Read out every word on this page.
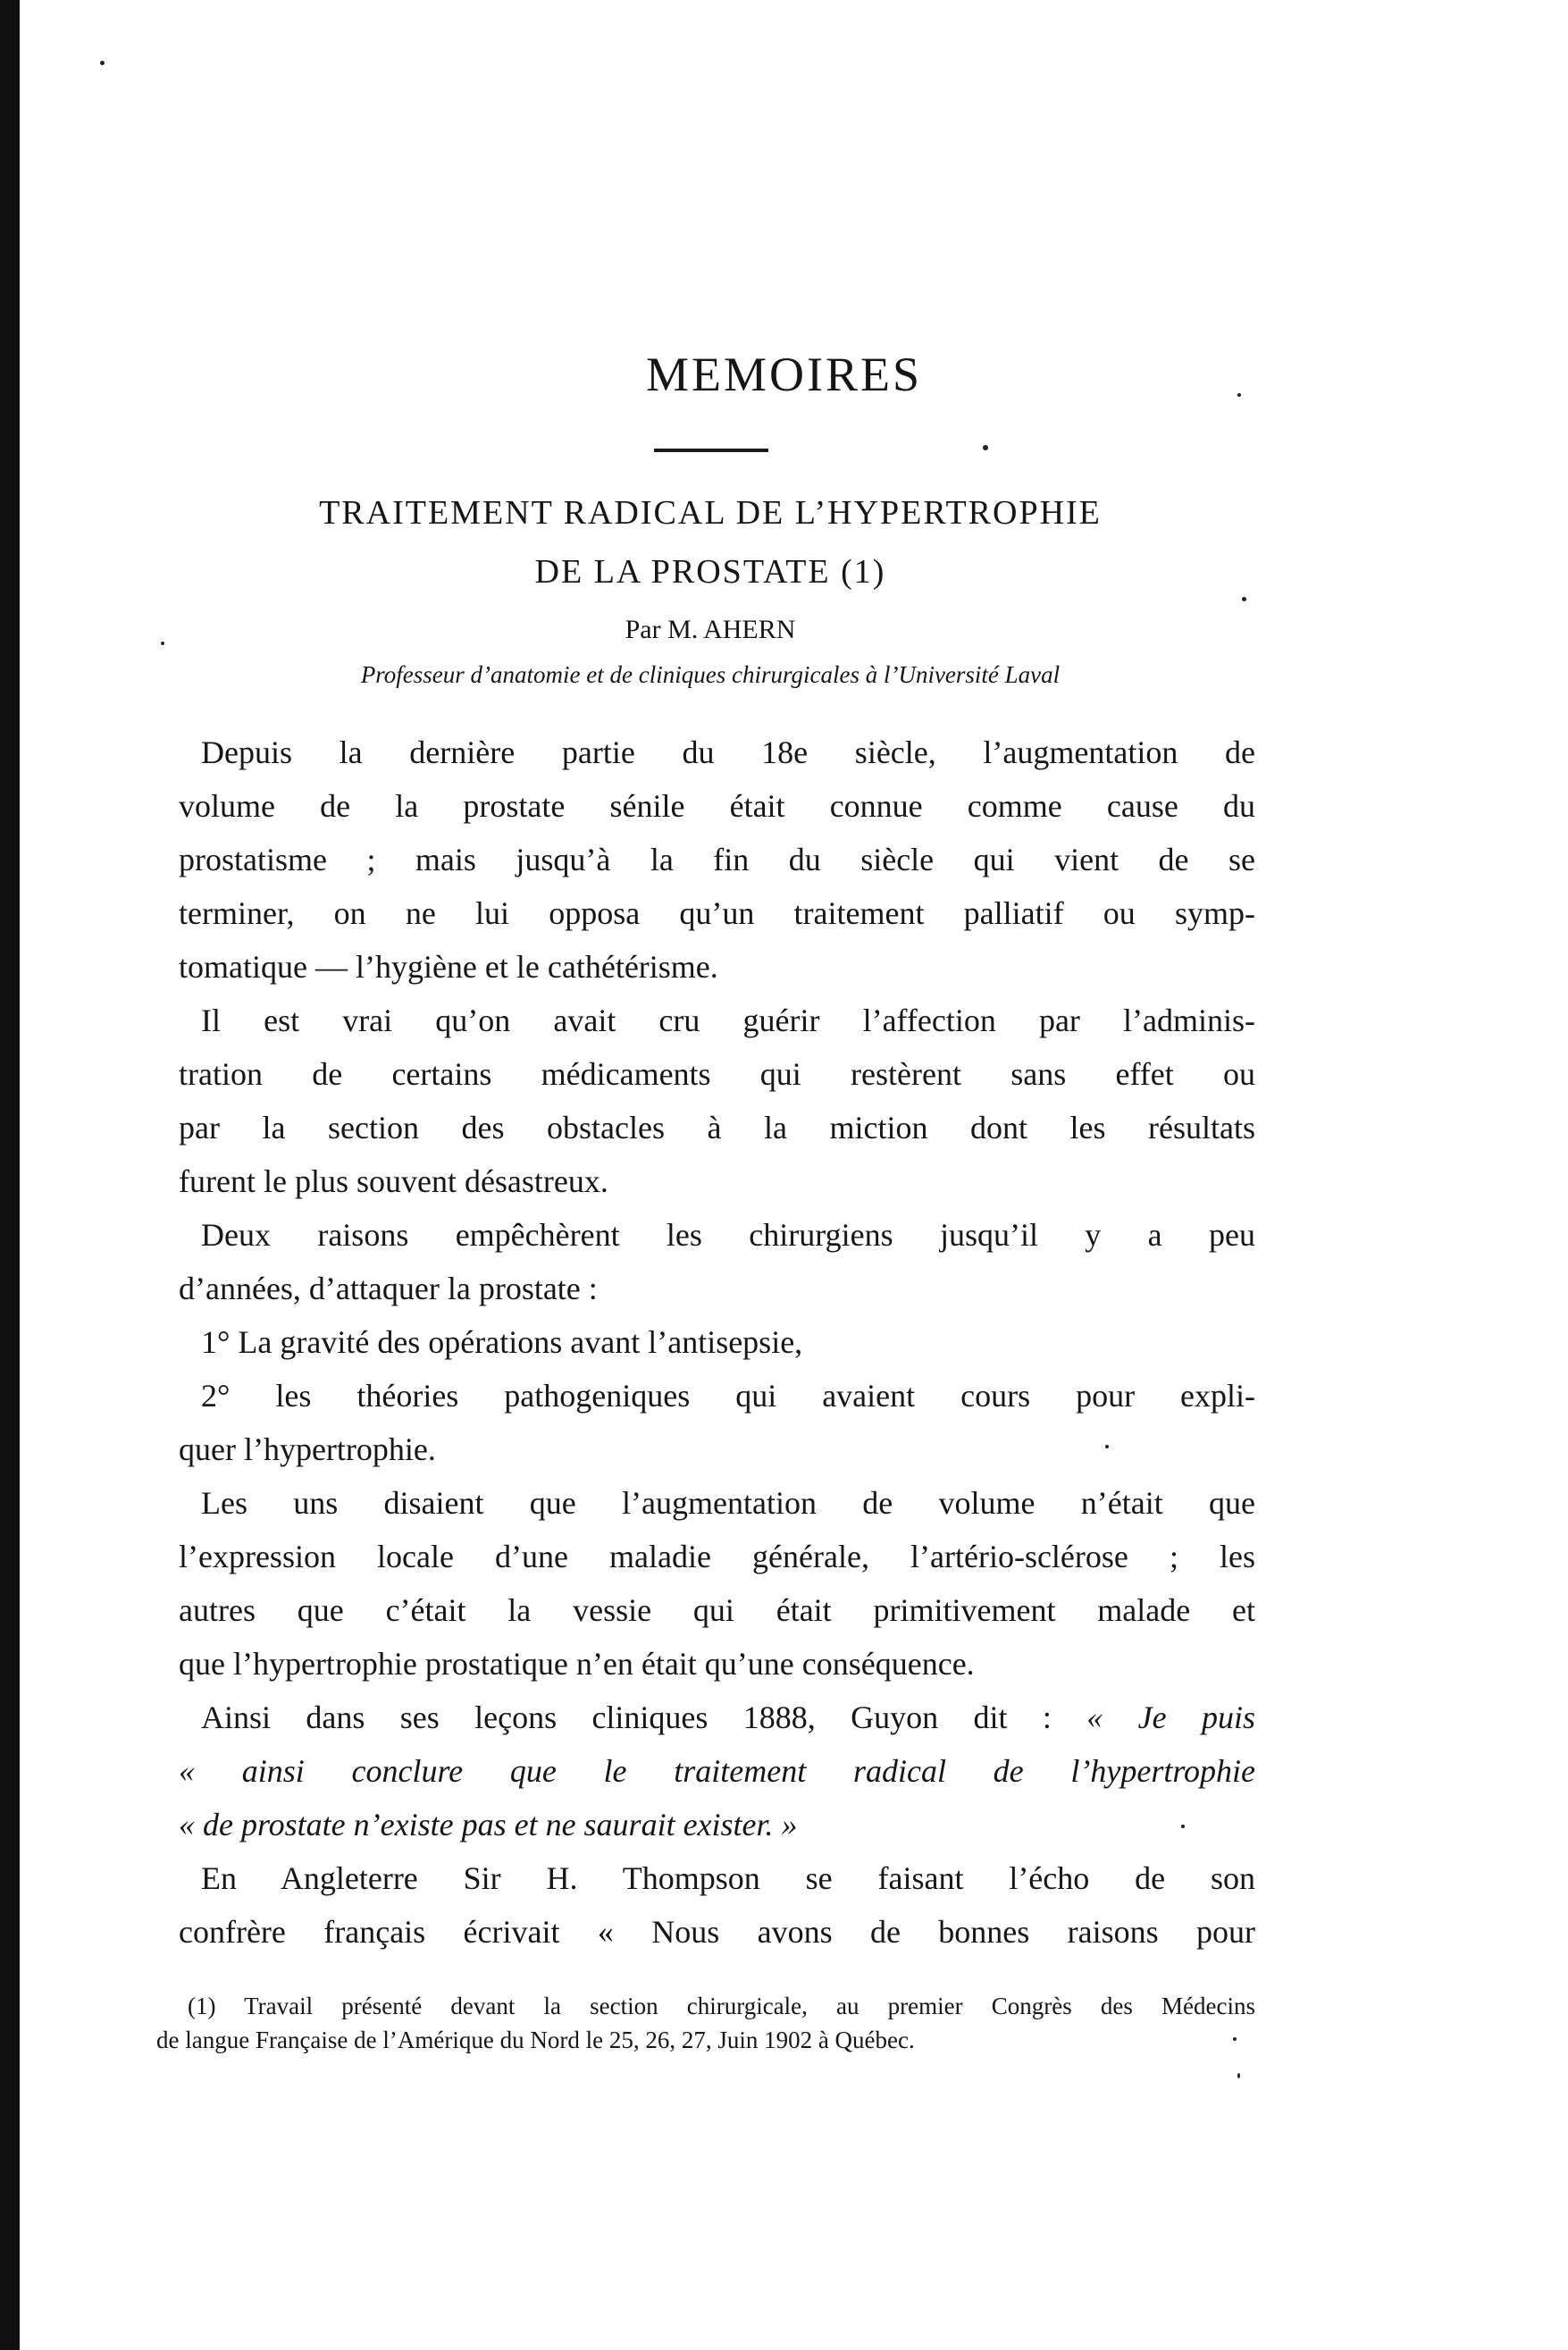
MEMOIRES
TRAITEMENT RADICAL DE L’HYPERTROPHIE
DE LA PROSTATE (1)
Par M. AHERN
Professeur d’anatomie et de cliniques chirurgicales à l’Université Laval
Depuis la dernière partie du 18e siècle, l’augmentation de
volume de la prostate sénile était connue comme cause du
prostatisme ; mais jusqu’à la fin du siècle qui vient de se
terminer, on ne lui opposa qu’un traitement palliatif ou symp-
tomatique — l’hygiène et le cathétérisme.
Il est vrai qu’on avait cru guérir l’affection par l’adminis-
tration de certains médicaments qui restèrent sans effet ou
par la section des obstacles à la miction dont les résultats
furent le plus souvent désastreux.
Deux raisons empêchèrent les chirurgiens jusqu’il y a peu
d’années, d’attaquer la prostate :
1° La gravité des opérations avant l’antisepsie,
2° les théories pathogeniques qui avaient cours pour expli-
quer l’hypertrophie.
Les uns disaient que l’augmentation de volume n’était que
l’expression locale d’une maladie générale, l’artério-sclérose ; les
autres que c’était la vessie qui était primitivement malade et
que l’hypertrophie prostatique n’en était qu’une conséquence.
Ainsi dans ses leçons cliniques 1888, Guyon dit : « Je puis
« ainsi conclure que le traitement radical de l’hypertrophie
« de prostate n’existe pas et ne saurait exister. »
En Angleterre Sir H. Thompson se faisant l’écho de son
confrère français écrivait « Nous avons de bonnes raisons pour
(1) Travail présenté devant la section chirurgicale, au premier Congrès des Médecins
de langue Française de l’Amérique du Nord le 25, 26, 27, Juin 1902 à Québec.
